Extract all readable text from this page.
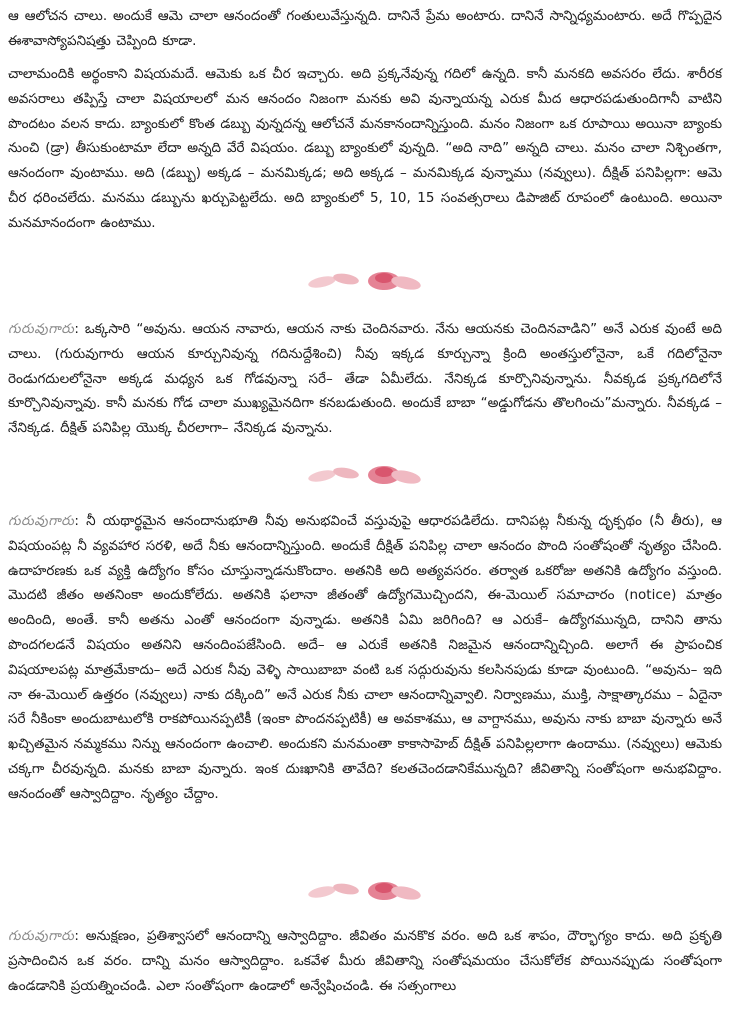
ఆ ఆలోచన చాలు. అందుకే ఆమె చాలా ఆనందంతో గంతులువేస్తున్నది. దానినే ప్రేమ అంటారు. దానినే సాన్నిధ్యమంటారు. అదే గొప్పదైన ఈశావాస్యోపనిషత్తు చెప్పింది కూడా.

చాలామందికి అర్థంకాని విషయమదే. ఆమెకు ఒక చీర ఇచ్చారు. అది ప్రక్కనేవున్న గదిలో ఉన్నది. కానీ మనకది అవసరం లేదు. శారీరక అవసరాలు తప్పిస్తే చాలా విషయాలలో మన ఆనందం నిజంగా మనకు అవి వున్నాయన్న ఎరుక మీద ఆధారపడుతుందిగానీ వాటిని పొందటం వలన కాదు. బ్యాంకులో కొంత డబ్బు వున్నదన్న ఆలోచనే మనకానందాన్నిస్తుంది. మనం నిజంగా ఒక రూపాయి అయినా బ్యాంకు నుంచి (డ్రా) తీసుకుంటామా లేదా అన్నది వేరే విషయం. డబ్బు బ్యాంకులో వున్నది. “అది నాది” అన్నది చాలు. మనం చాలా నిశ్చింతగా, ఆనందంగా వుంటాము. అది (డబ్బు) అక్కడ – మనమిక్కడ; అది అక్కడ – మనమిక్కడ వున్నాము (నవ్వులు). దీక్షిత్ పనిపిల్లగా: ఆమె చీర ధరించలేదు. మనము డబ్బును ఖర్చుపెట్టలేదు. అది బ్యాంకులో 5, 10, 15 సంవత్సరాలు డిపాజిట్ రూపంలో ఉంటుంది. అయినా మనమానందంగా ఉంటాము.

గురువుగారు: ఒక్కసారి “అవును. ఆయన నావారు, ఆయన నాకు చెందినవారు. నేను ఆయనకు చెందినవాడిని” అనే ఎరుక వుంటే అది చాలు. (గురువుగారు ఆయన కూర్చునివున్న గదినుద్దేశించి) నీవు ఇక్కడ కూర్చున్నా క్రింది అంతస్తులోనైనా, ఒకే గదిలోనైనా రెండుగదులలోనైనా అక్కడ మధ్యన ఒక గోడవున్నా సరే– తేడా ఏమీలేదు. నేనిక్కడ కూర్చొనివున్నాను. నీవక్కడ ప్రక్కగదిలోనే కూర్చొనివున్నావు. కానీ మనకు గోడ చాలా ముఖ్యమైనదిగా కనబడుతుంది. అందుకే బాబా “అడ్డుగోడను తొలగించు”మన్నారు. నీవక్కడ – నేనిక్కడ. దీక్షిత్ పనిపిల్ల యొక్క చీరలాగా– నేనిక్కడ వున్నాను.

గురువుగారు: నీ యథార్థమైన ఆనందానుభూతి నీవు అనుభవించే వస్తువుపై ఆధారపడిలేదు. దానిపట్ల నీకున్న దృక్పథం (నీ తీరు), ఆ విషయంపట్ల నీ వ్యవహార సరళి, అదే నీకు ఆనందాన్నిస్తుంది. అందుకే దీక్షిత్ పనిపిల్ల చాలా ఆనందం పొంది సంతోషంతో నృత్యం చేసింది. ఉదాహరణకు ఒక వ్యక్తి ఉద్యోగం కోసం చూస్తున్నాడనుకొందాం. అతనికి అది అత్యవసరం. తర్వాత ఒకరోజు అతనికి ఉద్యోగం వస్తుంది. మొదటి జీతం అతనింకా అందుకోలేదు. అతనికి ఫలానా జీతంతో ఉద్యోగమొచ్చిందని, ఈ-మెయిల్ సమాచారం (notice) మాత్రం అందింది, అంతే. కానీ అతను ఎంతో ఆనందంగా వున్నాడు. అతనికి ఏమి జరిగింది? ఆ ఎరుకే– ఉద్యోగమున్నది, దానిని తాను పొందగలడనే విషయం అతనిని ఆనందింపజేసింది. అదే– ఆ ఎరుకే అతనికి నిజమైన ఆనందాన్నిచ్చింది. అలాగే ఈ ప్రాపంచిక విషయాలపట్ల మాత్రమేకాదు– అదే ఎరుక నీవు వెళ్ళి సాయిబాబా వంటి ఒక సద్గురువును కలసినపుడు కూడా వుంటుంది. “అవును– ఇది నా ఈ-మెయిల్ ఉత్తరం (నవ్వులు) నాకు దక్కింది” అనే ఎరుక నీకు చాలా ఆనందాన్నివ్వాలి. నిర్వాణము, ముక్తి, సాక్షాత్కారము – ఏదైనా సరే నీకింకా అందుబాటులోకి రాకపోయినప్పటికీ (ఇంకా పొందనప్పటికీ) ఆ అవకాశము, ఆ వాగ్దానము, అవును నాకు బాబా వున్నారు అనే ఖచ్చితమైన నమ్మకము నిన్ను ఆనందంగా ఉంచాలి. అందుకని మనమంతా కాకాసాహెబ్ దీక్షిత్ పనిపిల్లలాగా ఉందాము. (నవ్వులు) ఆమెకు చక్కగా చీరవున్నది. మనకు బాబా వున్నారు. ఇంక దుఃఖానికి తావేది? కలతచెందడానికేమున్నది? జీవితాన్ని సంతోషంగా అనుభవిద్దాం. ఆనందంతో ఆస్వాదిద్దాం. నృత్యం చేద్దాం.

గురువుగారు: అనుక్షణం, ప్రతిశ్వాసలో ఆనందాన్ని ఆస్వాదిద్దాం. జీవితం మనకొక వరం. అది ఒక శాపం, దౌర్భాగ్యం కాదు. అది ప్రకృతి ప్రసాదించిన ఒక వరం. దాన్ని మనం ఆస్వాదిద్దాం. ఒకవేళ మీరు జీవితాన్ని సంతోషమయం చేసుకోలేక పోయినప్పుడు సంతోషంగా ఉండడానికి ప్రయత్నించండి. ఎలా సంతోషంగా ఉండాలో అన్వేషించండి. ఈ సత్సంగాలు
